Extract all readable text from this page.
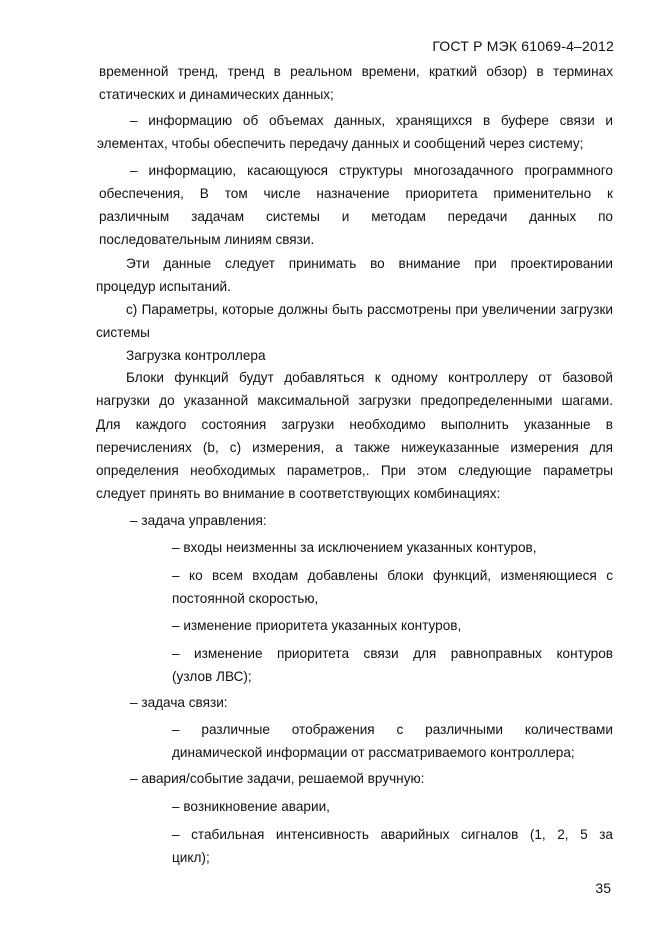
ГОСТ Р МЭК 61069-4–2012
временной тренд, тренд в реальном времени, краткий обзор) в терминах
статических и динамических данных;
– информацию об объемах данных, хранящихся в буфере связи и
элементах, чтобы обеспечить передачу данных и сообщений через систему;
– информацию, касающуюся структуры многозадачного программного
обеспечения, В том числе назначение приоритета применительно к
различным задачам системы и методам передачи данных по
последовательным линиям связи.
Эти данные следует принимать во внимание при проектировании
процедур испытаний.
c) Параметры, которые должны быть рассмотрены при увеличении загрузки
системы
Загрузка контроллера
Блоки функций будут добавляться к одному контроллеру от базовой
нагрузки до указанной максимальной загрузки предопределенными шагами.
Для каждого состояния загрузки необходимо выполнить указанные в
перечислениях (b, c) измерения, а также нижеуказанные измерения для
определения необходимых параметров,. При этом следующие параметры
следует принять во внимание в соответствующих комбинациях:
– задача управления:
– входы неизменны за исключением указанных контуров,
– ко всем входам добавлены блоки функций, изменяющиеся с
постоянной скоростью,
– изменение приоритета указанных контуров,
– изменение приоритета связи для равноправных контуров
(узлов ЛВС);
– задача связи:
– различные отображения с различными количествами
динамической информации от рассматриваемого контроллера;
– авария/событие задачи, решаемой вручную:
– возникновение аварии,
– стабильная интенсивность аварийных сигналов (1, 2, 5 за
цикл);
35
